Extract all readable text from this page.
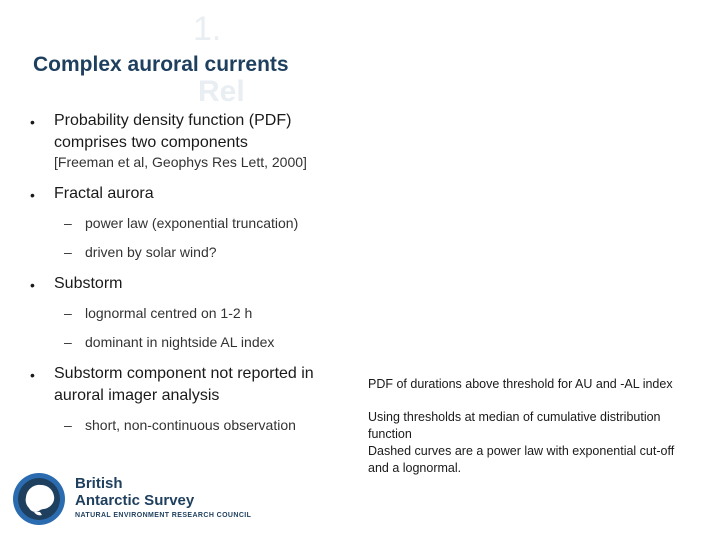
1.
Rel
Complex auroral currents
• Probability density function (PDF)
comprises two components
[Freeman et al, Geophys Res Lett, 2000]
• Fractal aurora
– power law (exponential truncation)
– driven by solar wind?
• Substorm
– lognormal centred on 1-2 h
– dominant in nightside AL index
• Substorm component not reported in
auroral imager analysis
– short, non-continuous observation
PDF of durations above threshold for AU and -AL index
Using thresholds at median of cumulative distribution
function
Dashed curves are a power law with exponential cut-off
and a lognormal.
British
Antarctic Survey
NATURAL ENVIRONMENT RESEARCH COUNCIL
